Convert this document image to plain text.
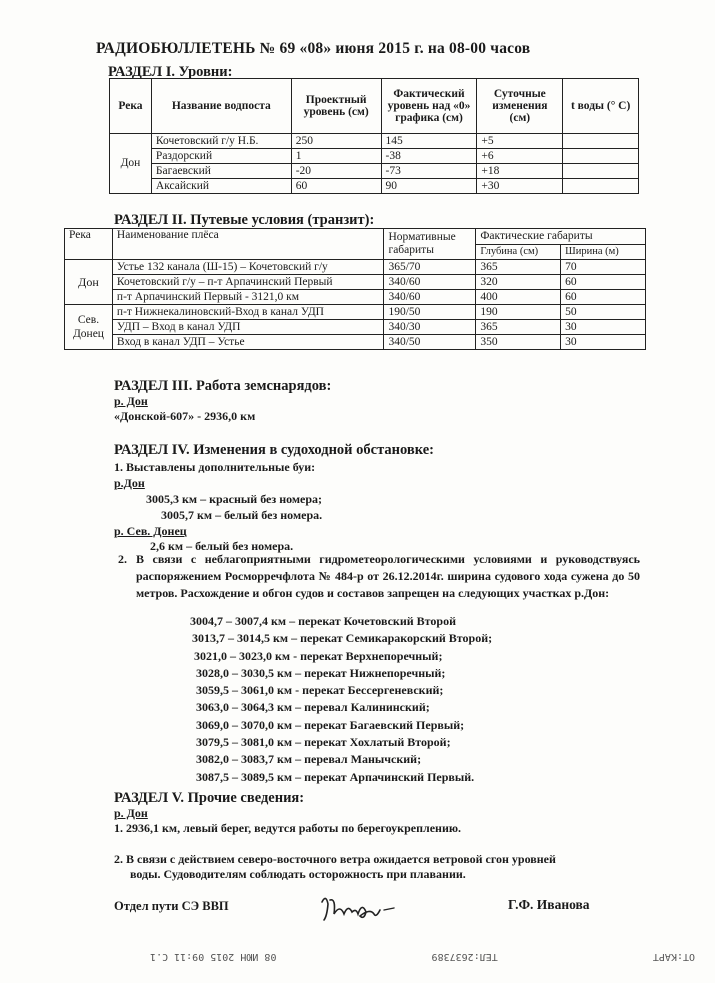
РАДИОБЮЛЛЕТЕНЬ № 69 «08» июня 2015 г. на 08-00 часов
РАЗДЕЛ I. Уровни:
Река	Название водпоста	Проектный уровень (см)	Фактический уровень над «0» графика (см)	Суточные изменения (см)	t воды (° С)
Дон	Кочетовский г/у Н.Б.	250	145	+5	
	Раздорский	1	-38	+6	
	Багаевский	-20	-73	+18	
	Аксайский	60	90	+30	
РАЗДЕЛ II. Путевые условия (транзит):
Река	Наименование плёса	Нормативные габариты	Фактические габариты	
			Глубина (см)	Ширина (м)
Дон	Устье 132 канала (Ш-15) – Кочетовский г/у	365/70	365	70
	Кочетовский г/у – п-т Арпачинский Первый	340/60	320	60
	п-т Арпачинский Первый - 3121,0 км	340/60	400	60
Сев. Донец	п-т Нижнекалиновский-Вход в канал УДП	190/50	190	50
	УДП – Вход в канал УДП	340/30	365	30
	Вход в канал УДП – Устье	340/50	350	30
РАЗДЕЛ III. Работа земснарядов:
р. Дон
«Донской-607» - 2936,0 км
РАЗДЕЛ IV. Изменения в судоходной обстановке:
1. Выставлены дополнительные буи:
р.Дон
3005,3 км – красный без номера;
3005,7 км – белый без номера.
р. Сев. Донец
2,6 км – белый без номера.
2. В связи с неблагоприятными гидрометеорологическими условиями и руководствуясь распоряжением Росморречфлота № 484-р от 26.12.2014г. ширина судового хода сужена до 50 метров. Расхождение и обгон судов и составов запрещен на следующих участках р.Дон:
3004,7 – 3007,4 км – перекат Кочетовский Второй
3013,7 – 3014,5 км – перекат Семикаракорский Второй;
3021,0 – 3023,0 км - перекат Верхнепоречный;
3028,0 – 3030,5 км – перекат Нижнепоречный;
3059,5 – 3061,0 км - перекат Бессергеневский;
3063,0 – 3064,3 км – перевал Калининский;
3069,0 – 3070,0 км – перекат Багаевский Первый;
3079,5 – 3081,0 км – перекат Хохлатый Второй;
3082,0 – 3083,7 км – перевал Манычский;
3087,5 – 3089,5 км – перекат Арпачинский Первый.
РАЗДЕЛ V. Прочие сведения:
р. Дон
1. 2936,1 км, левый берег, ведутся работы по берегоукреплению.
2. В связи с действием северо-восточного ветра ожидается ветровой сгон уровней
воды. Судоводителям соблюдать осторожность при плавании.
Отдел пути СЭ ВВП	Г.Ф. Иванова
ОТ:КАРТ
ТЕЛ:2637389
08 ИЮН 2015 09:11 С.1
